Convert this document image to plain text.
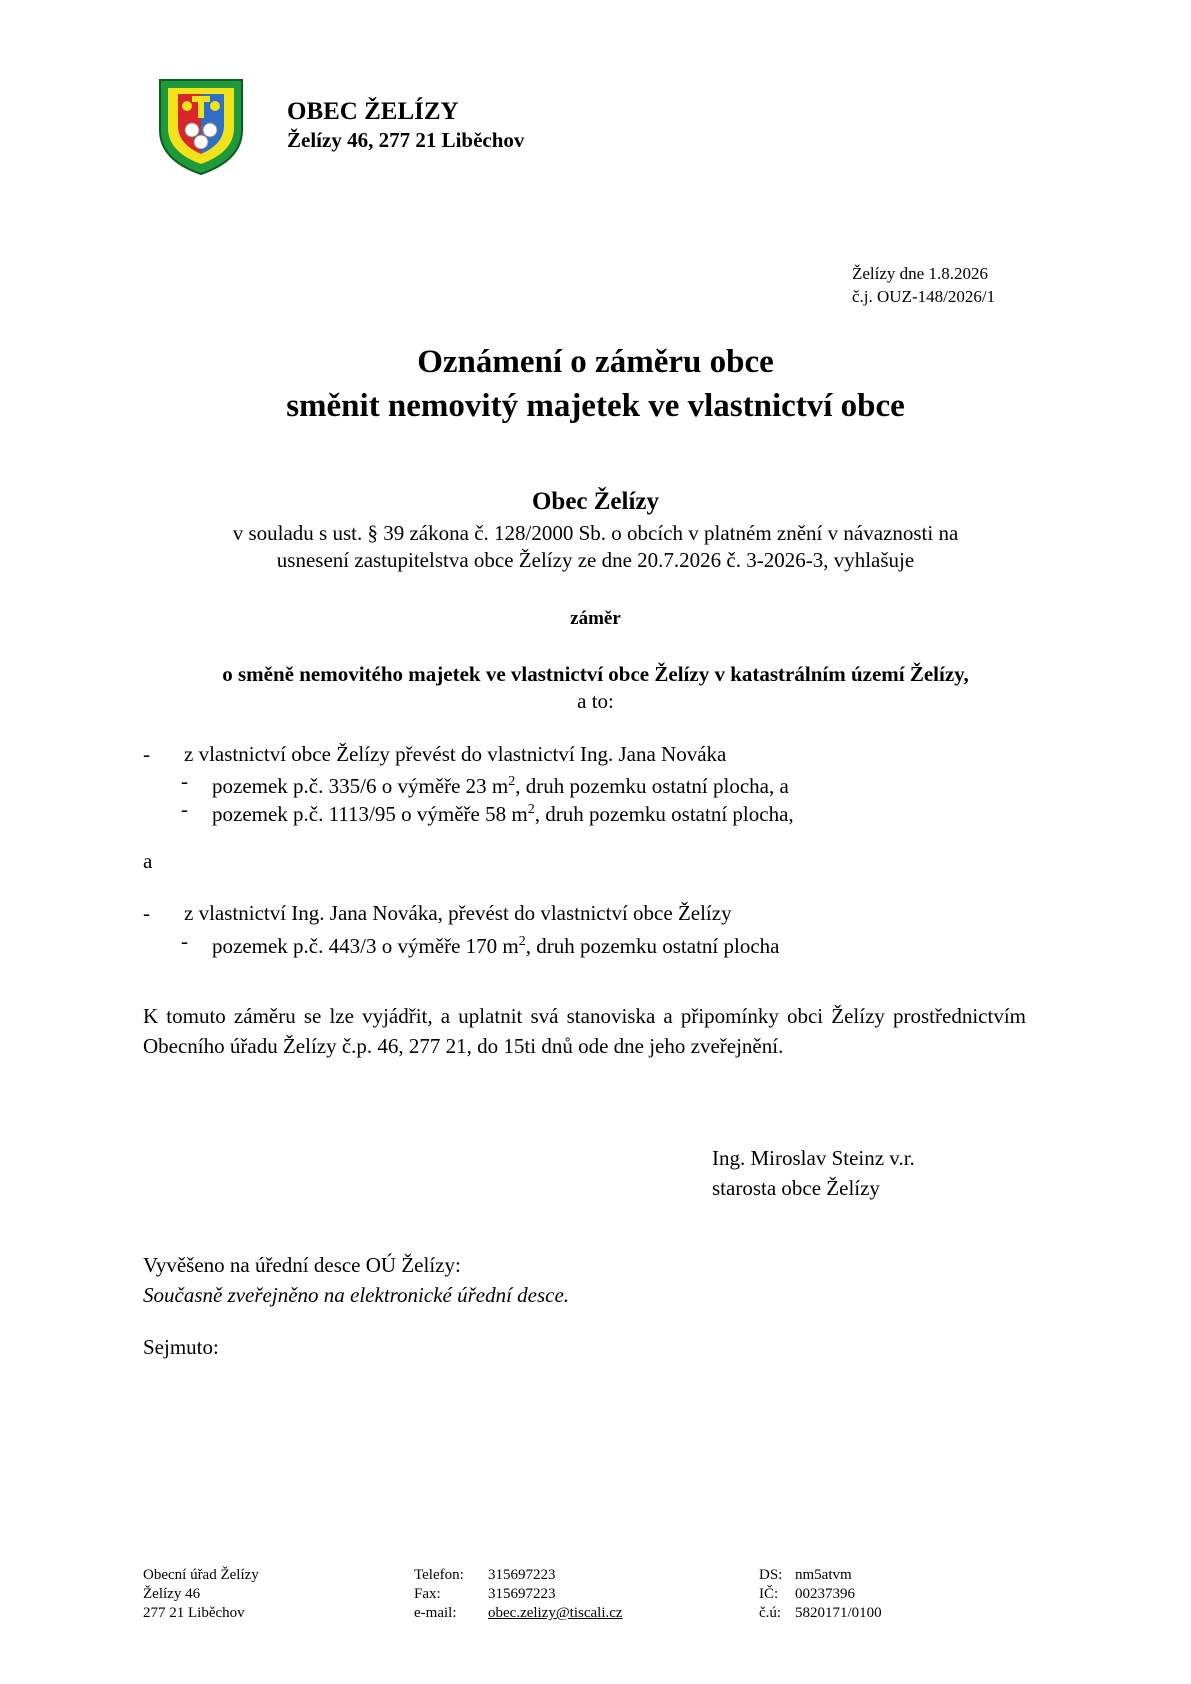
OBEC ŽELÍZY
Želízy 46, 277 21 Liběchov
Želízy dne 1.8.2026
č.j. OUZ-148/2026/1
Oznámení o záměru obce
směnit nemovitý majetek ve vlastnictví obce
Obec Želízy
v souladu s ust. § 39 zákona č. 128/2000 Sb. o obcích v platném znění v návaznosti na
usnesení zastupitelstva obce Želízy ze dne 20.7.2026 č. 3-2026-3, vyhlašuje
záměr
o směně nemovitého majetek ve vlastnictví obce Želízy v katastrálním území Želízy,
a to:
- z vlastnictví obce Želízy převést do vlastnictví Ing. Jana Nováka
- pozemek p.č. 335/6 o výměře 23 $m^2$, druh pozemku ostatní plocha, a
- pozemek p.č. 1113/95 o výměře 58 $m^2$, druh pozemku ostatní plocha,
a
- z vlastnictví Ing. Jana Nováka, převést do vlastnictví obce Želízy
- pozemek p.č. 443/3 o výměře 170 $m^2$, druh pozemku ostatní plocha
K tomuto záměru se lze vyjádřit, a uplatnit svá stanoviska a připomínky obci Želízy prostřednictvím Obecního úřadu Želízy č.p. 46, 277 21, do 15ti dnů ode dne jeho zveřejnění.
Ing. Miroslav Steinz v.r.
starosta obce Želízy
Vyvěšeno na úřední desce OÚ Želízy:
Současně zveřejněno na elektronické úřední desce.
Sejmuto:
Obecní úřad Želízy
Želízy 46
277 21 Liběchov
Telefon:
Fax:
e-mail:
315697223
315697223
obec.zelizy@tiscali.cz
DS:
IČ:
č.ú:
nm5atvm
00237396
5820171/0100
